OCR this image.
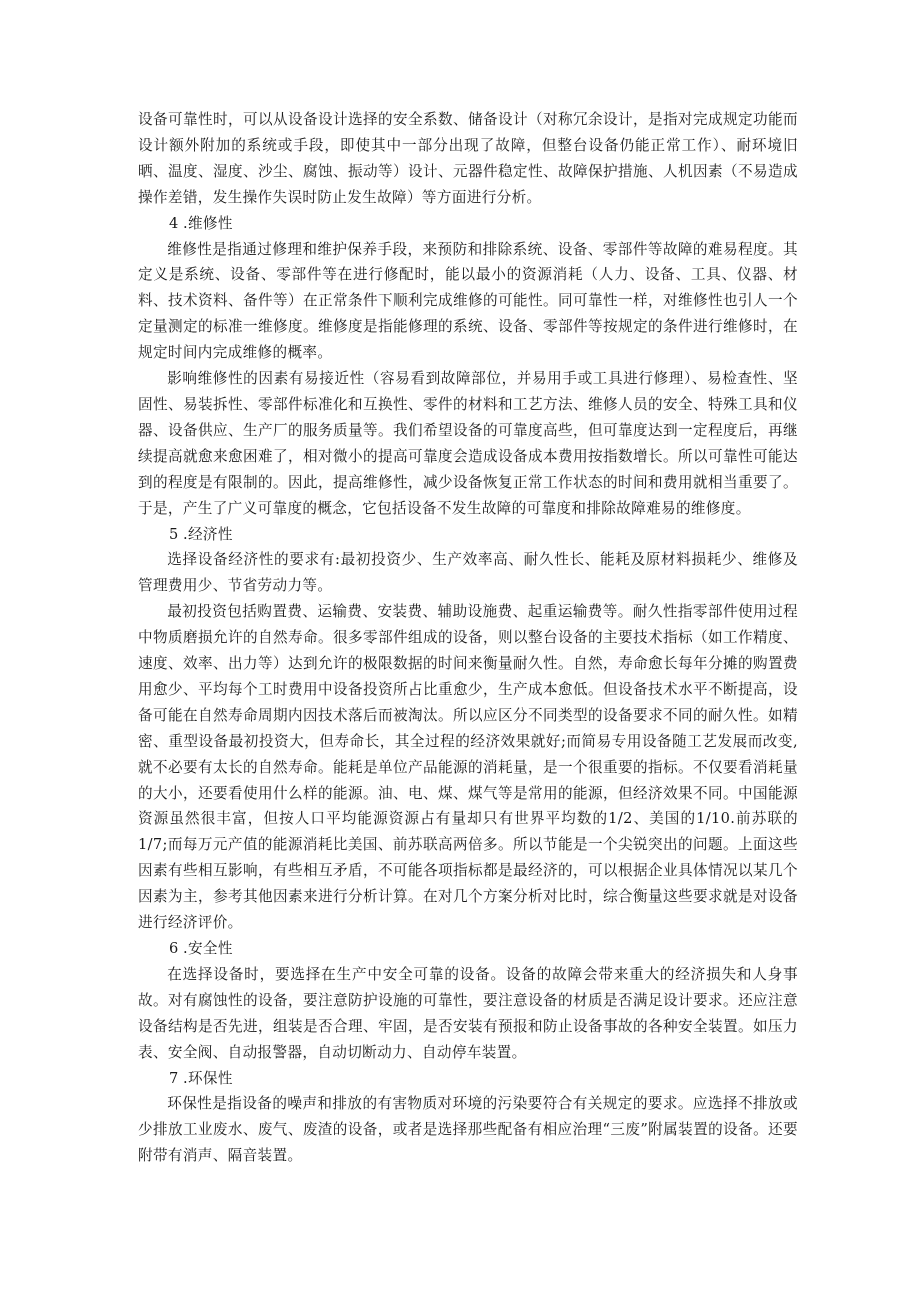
设备可靠性时，可以从设备设计选择的安全系数、储备设计（对称冗余设计，是指对完成规定功能而设计额外附加的系统或手段，即使其中一部分出现了故障，但整台设备仍能正常工作）、耐环境旧晒、温度、湿度、沙尘、腐蚀、振动等）设计、元器件稳定性、故障保护措施、人机因素（不易造成操作差错，发生操作失误时防止发生故障）等方面进行分析。

4 .维修性

维修性是指通过修理和维护保养手段，来预防和排除系统、设备、零部件等故障的难易程度。其定义是系统、设备、零部件等在进行修配时，能以最小的资源消耗（人力、设备、工具、仪器、材料、技术资料、备件等）在正常条件下顺利完成维修的可能性。同可靠性一样，对维修性也引人一个定量测定的标准一维修度。维修度是指能修理的系统、设备、零部件等按规定的条件进行维修时，在规定时间内完成维修的概率。

影响维修性的因素有易接近性（容易看到故障部位，并易用手或工具进行修理）、易检查性、坚固性、易装拆性、零部件标准化和互换性、零件的材料和工艺方法、维修人员的安全、特殊工具和仪器、设备供应、生产厂的服务质量等。我们希望设备的可靠度高些，但可靠度达到一定程度后，再继续提高就愈来愈困难了，相对微小的提高可靠度会造成设备成本费用按指数增长。所以可靠性可能达到的程度是有限制的。因此，提高维修性，减少设备恢复正常工作状态的时间和费用就相当重要了。于是，产生了广义可靠度的概念，它包括设备不发生故障的可靠度和排除故障难易的维修度。

5 .经济性

选择设备经济性的要求有:最初投资少、生产效率高、耐久性长、能耗及原材料损耗少、维修及管理费用少、节省劳动力等。

最初投资包括购置费、运输费、安装费、辅助设施费、起重运输费等。耐久性指零部件使用过程中物质磨损允许的自然寿命。很多零部件组成的设备，则以整台设备的主要技术指标（如工作精度、速度、效率、出力等）达到允许的极限数据的时间来衡量耐久性。自然，寿命愈长每年分摊的购置费用愈少、平均每个工时费用中设备投资所占比重愈少，生产成本愈低。但设备技术水平不断提高，设备可能在自然寿命周期内因技术落后而被淘汰。所以应区分不同类型的设备要求不同的耐久性。如精密、重型设备最初投资大，但寿命长，其全过程的经济效果就好;而简易专用设备随工艺发展而改变,就不必要有太长的自然寿命。能耗是单位产品能源的消耗量，是一个很重要的指标。不仅要看消耗量的大小，还要看使用什么样的能源。油、电、煤、煤气等是常用的能源，但经济效果不同。中国能源资源虽然很丰富，但按人口平均能源资源占有量却只有世界平均数的1/2、美国的1/10.前苏联的1/7;而每万元产值的能源消耗比美国、前苏联高两倍多。所以节能是一个尖锐突出的问题。上面这些因素有些相互影响，有些相互矛盾，不可能各项指标都是最经济的，可以根据企业具体情况以某几个因素为主，参考其他因素来进行分析计算。在对几个方案分析对比时，综合衡量这些要求就是对设备进行经济评价。

6 .安全性

在选择设备时，要选择在生产中安全可靠的设备。设备的故障会带来重大的经济损失和人身事故。对有腐蚀性的设备，要注意防护设施的可靠性，要注意设备的材质是否满足设计要求。还应注意设备结构是否先进，组装是否合理、牢固，是否安装有预报和防止设备事故的各种安全装置。如压力表、安全阀、自动报警器，自动切断动力、自动停车装置。

7 .环保性

环保性是指设备的噪声和排放的有害物质对环境的污染要符合有关规定的要求。应选择不排放或少排放工业废水、废气、废渣的设备，或者是选择那些配备有相应治理“三废”附属装置的设备。还要附带有消声、隔音装置。
